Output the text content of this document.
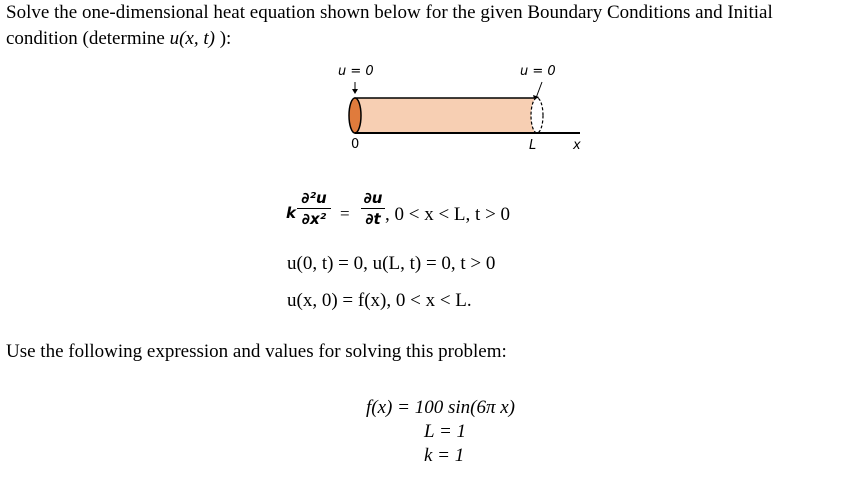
Solve the one-dimensional heat equation shown below for the given Boundary Conditions and Initial
condition (determine u(x, t) ):
u = 0	u = 0
0	L	x
k
∂²u
∂x² =
∂u
∂t , 0 < x < L, t > 0
u(0, t) = 0, u(L, t) = 0, t > 0
u(x, 0) = f(x), 0 < x < L.
Use the following expression and values for solving this problem:
f(x) = 100 sin(6π x)
L = 1
k = 1
